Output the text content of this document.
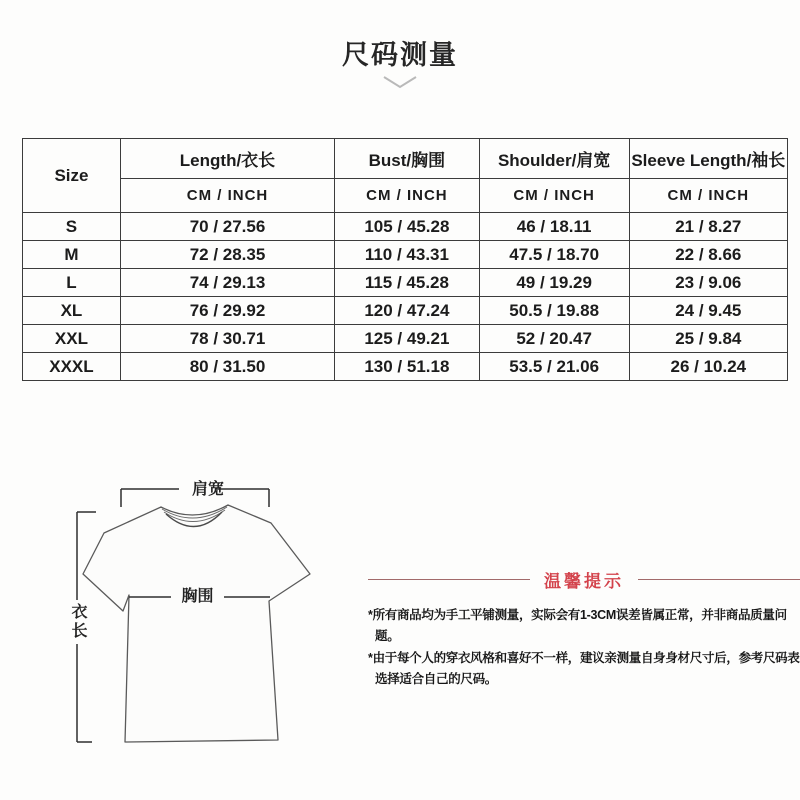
尺码测量
Size	Length/衣长	Bust/胸围	Shoulder/肩宽	Sleeve Length/袖长
	CM / INCH	CM / INCH	CM / INCH	CM / INCH
S	70 / 27.56	105 / 45.28	46 / 18.11	21 / 8.27
M	72 / 28.35	110 / 43.31	47.5 / 18.70	22 / 8.66
L	74 / 29.13	115 / 45.28	49 / 19.29	23 / 9.06
XL	76 / 29.92	120 / 47.24	50.5 / 19.88	24 / 9.45
XXL	78 / 30.71	125 / 49.21	52 / 20.47	25 / 9.84
XXXL	80 / 31.50	130 / 51.18	53.5 / 21.06	26 / 10.24
肩宽
胸围
衣长
温馨提示

*所有商品均为手工平铺测量，实际会有1-3CM误差皆属正常，并非商品质量问题。

*由于每个人的穿衣风格和喜好不一样，建议亲测量自身身材尺寸后，参考尺码表选择适合自己的尺码。
